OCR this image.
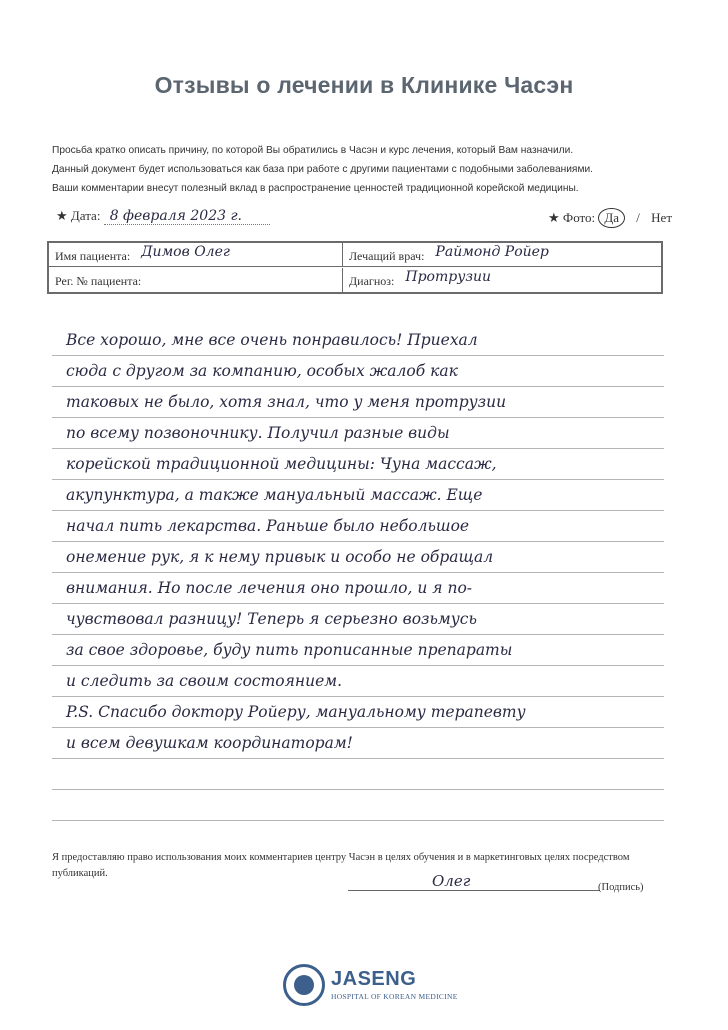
Отзывы о лечении в Клинике Часэн
Просьба кратко описать причину, по которой Вы обратились в Часэн и курс лечения, который Вам назначили.
Данный документ будет использоваться как база при работе с другими пациентами с подобными заболеваниями.
Ваши комментарии внесут полезный вклад в распространение ценностей традиционной корейской медицины.
★ Дата: 8 февраля 2023 г.	★ Фото: Да / Нет
Имя пациента: Димов Олег	Лечащий врач: Раймонд Ройер
Рег. № пациента:	Диагноз: Протрузии
Все хорошо, мне все очень понравилось! Приехал
сюда с другом за компанию, особых жалоб как
таковых не было, хотя знал, что у меня протрузии
по всему позвоночнику. Получил разные виды
корейской традиционной медицины: Чуна массаж,
акупунктура, а также мануальный массаж. Еще
начал пить лекарства. Раньше было небольшое
онемение рук, я к нему привык и особо не обращал
внимания. Но после лечения оно прошло, и я по-
чувствовал разницу! Теперь я серьезно возьмусь
за свое здоровье, буду пить прописанные препараты
и следить за своим состоянием.
P.S. Спасибо доктору Ройеру, мануальному терапевту
и всем девушкам координаторам!
Я предоставляю право использования моих комментариев центру Часэн в целях обучения и в маркетинговых целях посредством публикаций.	Олег	(Подпись)
JASENG
HOSPITAL OF KOREAN MEDICINE
